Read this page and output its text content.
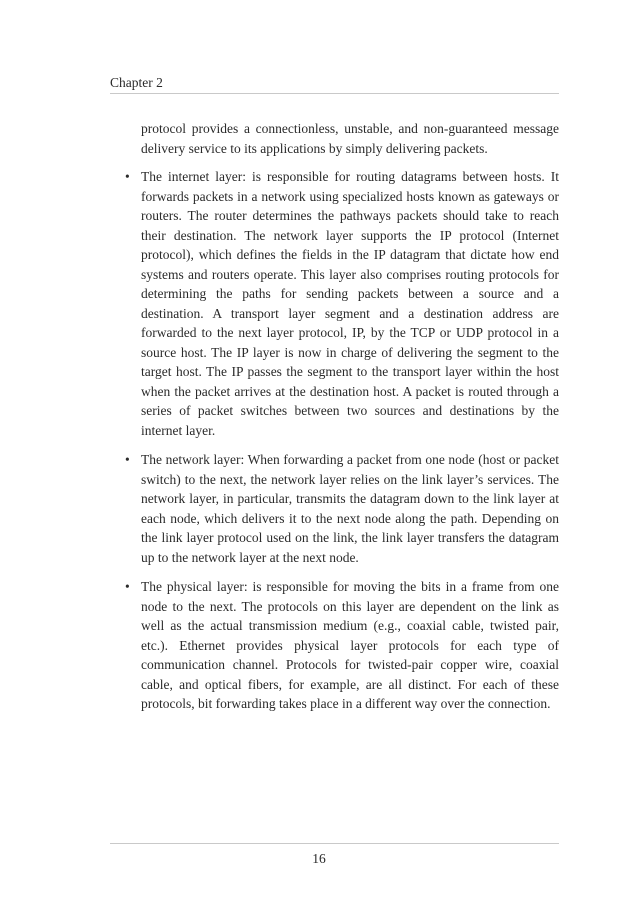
Chapter 2

protocol provides a connectionless, unstable, and non-guaranteed message delivery service to its applications by simply delivering packets.

• The internet layer: is responsible for routing datagrams between hosts. It forwards packets in a network using specialized hosts known as gateways or routers. The router determines the pathways packets should take to reach their destination. The network layer supports the IP protocol (Internet protocol), which defines the fields in the IP datagram that dictate how end systems and routers operate. This layer also comprises routing protocols for determining the paths for sending packets between a source and a destination. A transport layer segment and a destination address are forwarded to the next layer protocol, IP, by the TCP or UDP protocol in a source host. The IP layer is now in charge of delivering the segment to the target host. The IP passes the segment to the transport layer within the host when the packet arrives at the destination host. A packet is routed through a series of packet switches between two sources and destinations by the internet layer.

• The network layer: When forwarding a packet from one node (host or packet switch) to the next, the network layer relies on the link layer’s services. The network layer, in particular, transmits the datagram down to the link layer at each node, which delivers it to the next node along the path. Depending on the link layer protocol used on the link, the link layer transfers the datagram up to the network layer at the next node.

• The physical layer: is responsible for moving the bits in a frame from one node to the next. The protocols on this layer are dependent on the link as well as the actual transmission medium (e.g., coaxial cable, twisted pair, etc.). Ethernet provides physical layer protocols for each type of communication channel. Protocols for twisted-pair copper wire, coaxial cable, and optical fibers, for example, are all distinct. For each of these protocols, bit forwarding takes place in a different way over the connection.

16
